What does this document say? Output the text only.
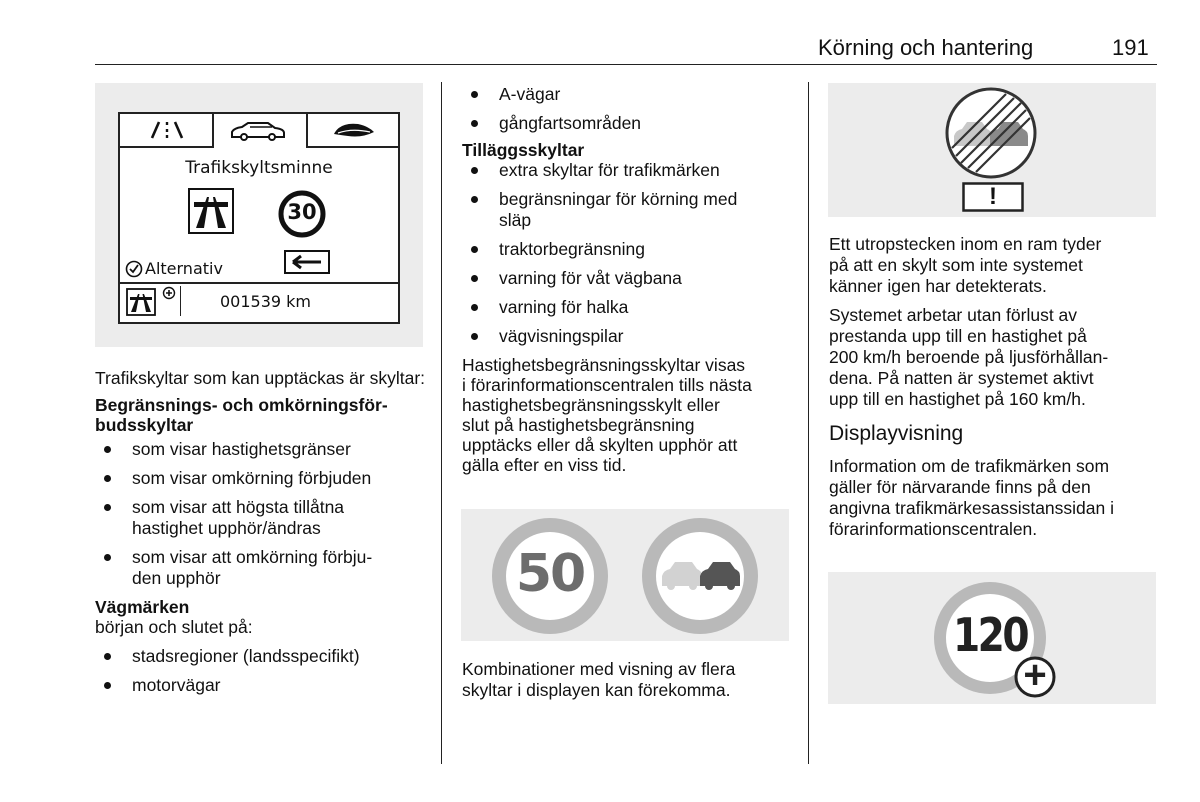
Körning och hantering	191
Trafikskyltsminne
30
Alternativ
001539 km

Trafikskyltar som kan upptäckas är skyltar:

Begränsnings- och omkörningsför-
budsskyltar
som visar hastighetsgränser
som visar omkörning förbjuden
som visar att högsta tillåtna
hastighet upphör/ändras
som visar att omkörning förbju-
den upphör
Vägmärken

början och slutet på:

stadsregioner (landsspecifikt)
motorvägar
A-vägar
gångfartsområden
Tilläggsskyltar
extra skyltar för trafikmärken
begränsningar för körning med
släp
traktorbegränsning
varning för våt vägbana
varning för halka
vägvisningspilar

Hastighetsbegränsningsskyltar visas
i förarinformationscentralen tills nästa
hastighetsbegränsningsskylt eller
slut på hastighetsbegränsning
upptäcks eller då skylten upphör att
gälla efter en viss tid.

50

Kombinationer med visning av flera
skyltar i displayen kan förekomma.

!

Ett utropstecken inom en ram tyder
på att en skylt som inte systemet
känner igen har detekterats.

Systemet arbetar utan förlust av
prestanda upp till en hastighet på
200 km/h beroende på ljusförhållan-
dena. På natten är systemet aktivt
upp till en hastighet på 160 km/h.

Displayvisning

Information om de trafikmärken som
gäller för närvarande finns på den
angivna trafikmärkesassistanssidan i
förarinformationscentralen.

120
+
